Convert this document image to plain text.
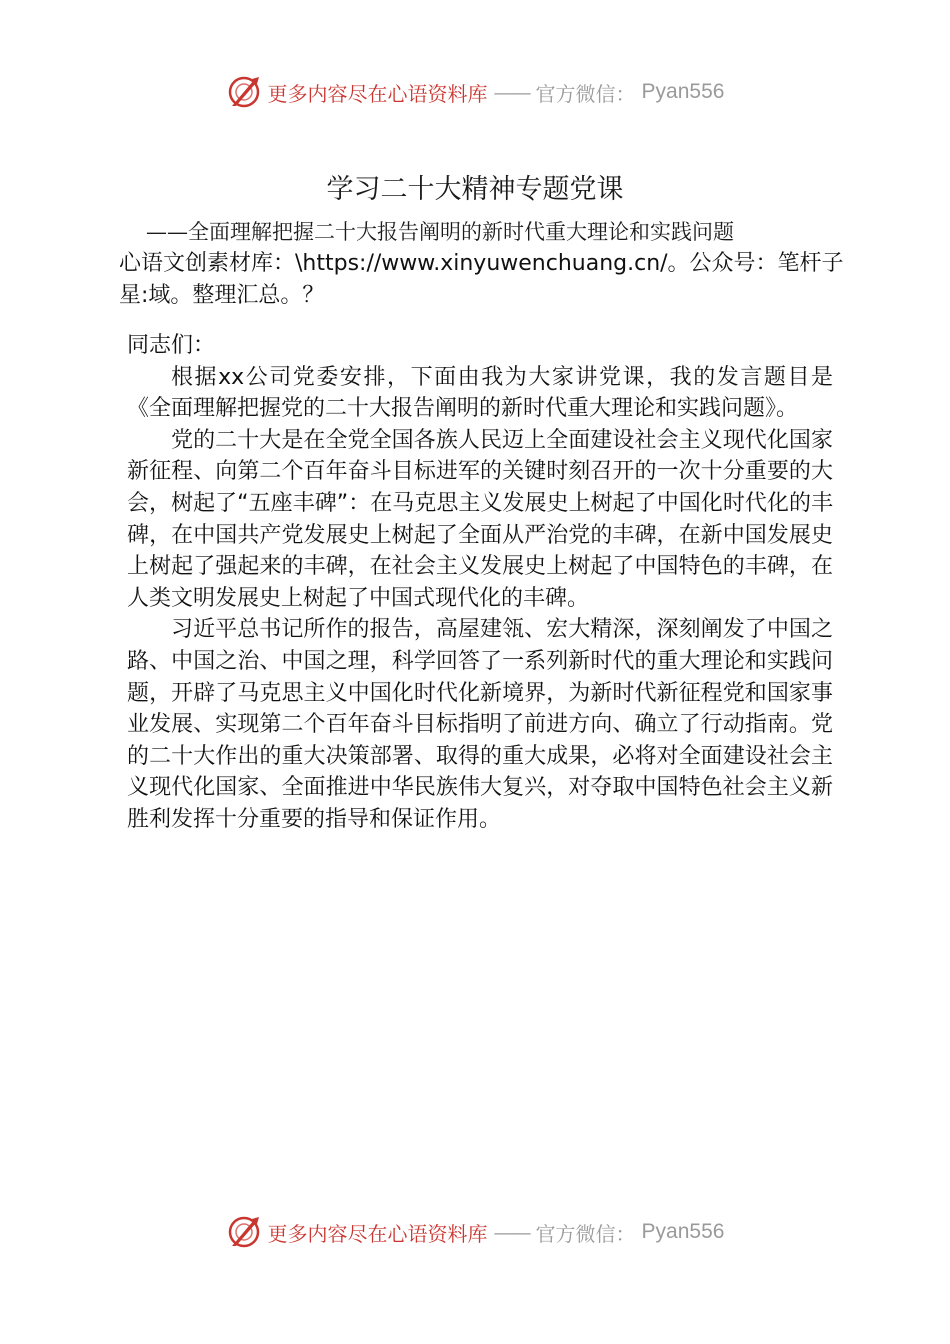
更多内容尽在心语资料库 —— 官方微信： Pyan556
学习二十大精神专题党课
——全面理解把握二十大报告阐明的新时代重大理论和实践问题
心语文创素材库：\https://www.xinyuwenchuang.cn/。公众号：笔杆子星:域。整理汇总。？

同志们：

根据xx公司党委安排，下面由我为大家讲党课，我的发言题目是《全面理解把握党的二十大报告阐明的新时代重大理论和实践问题》。

党的二十大是在全党全国各族人民迈上全面建设社会主义现代化国家新征程、向第二个百年奋斗目标进军的关键时刻召开的一次十分重要的大会，树起了“五座丰碑”：在马克思主义发展史上树起了中国化时代化的丰碑，在中国共产党发展史上树起了全面从严治党的丰碑，在新中国发展史上树起了强起来的丰碑，在社会主义发展史上树起了中国特色的丰碑，在人类文明发展史上树起了中国式现代化的丰碑。

习近平总书记所作的报告，高屋建瓴、宏大精深，深刻阐发了中国之路、中国之治、中国之理，科学回答了一系列新时代的重大理论和实践问题，开辟了马克思主义中国化时代化新境界，为新时代新征程党和国家事业发展、实现第二个百年奋斗目标指明了前进方向、确立了行动指南。党的二十大作出的重大决策部署、取得的重大成果，必将对全面建设社会主义现代化国家、全面推进中华民族伟大复兴，对夺取中国特色社会主义新胜利发挥十分重要的指导和保证作用。

更多内容尽在心语资料库 —— 官方微信： Pyan556
